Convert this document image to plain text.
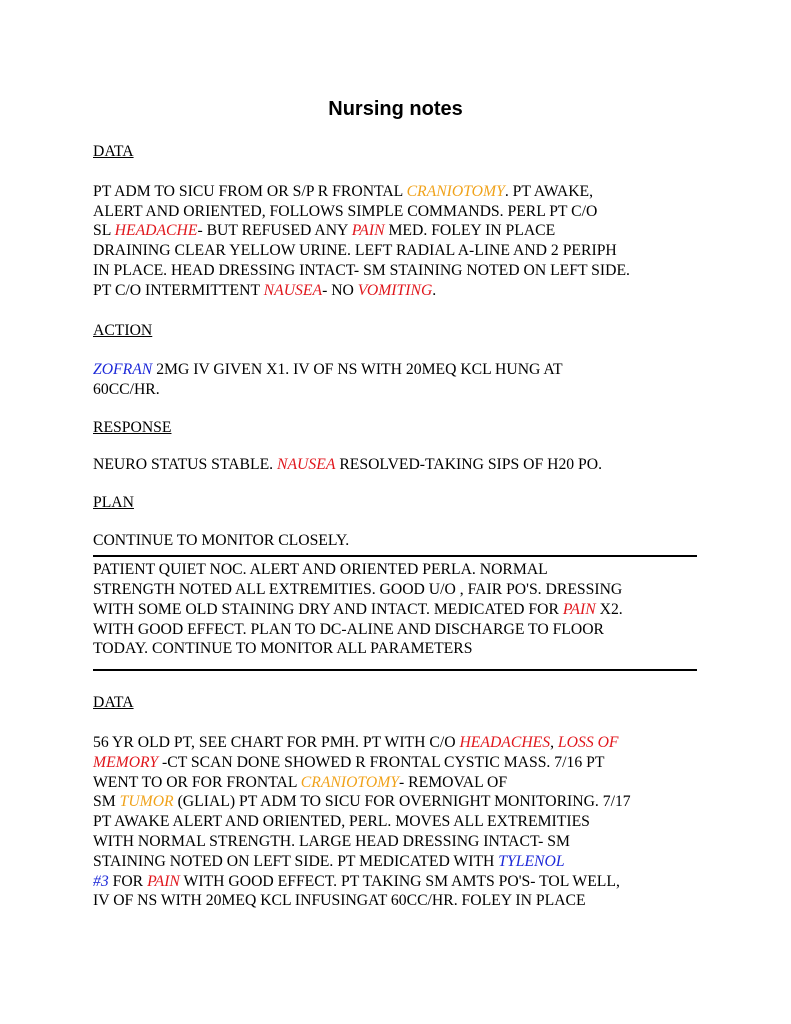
Nursing notes

DATA

PT ADM TO SICU FROM OR S/P R FRONTAL CRANIOTOMY. PT AWAKE,
ALERT AND ORIENTED, FOLLOWS SIMPLE COMMANDS. PERL PT C/O
SL HEADACHE- BUT REFUSED ANY PAIN MED. FOLEY IN PLACE
DRAINING CLEAR YELLOW URINE. LEFT RADIAL A-LINE AND 2 PERIPH
IN PLACE. HEAD DRESSING INTACT- SM STAINING NOTED ON LEFT SIDE.
PT C/O INTERMITTENT NAUSEA- NO VOMITING.

ACTION

ZOFRAN 2MG IV GIVEN X1. IV OF NS WITH 20MEQ KCL HUNG AT
60CC/HR.

RESPONSE

NEURO STATUS STABLE. NAUSEA RESOLVED-TAKING SIPS OF H20 PO.

PLAN

CONTINUE TO MONITOR CLOSELY.
PATIENT QUIET NOC. ALERT AND ORIENTED PERLA. NORMAL
STRENGTH NOTED ALL EXTREMITIES. GOOD U/O , FAIR PO'S. DRESSING
WITH SOME OLD STAINING DRY AND INTACT. MEDICATED FOR PAIN X2.
WITH GOOD EFFECT. PLAN TO DC-ALINE AND DISCHARGE TO FLOOR
TODAY. CONTINUE TO MONITOR ALL PARAMETERS

DATA

56 YR OLD PT, SEE CHART FOR PMH. PT WITH C/O HEADACHES, LOSS OF
MEMORY -CT SCAN DONE SHOWED R FRONTAL CYSTIC MASS. 7/16 PT
WENT TO OR FOR FRONTAL CRANIOTOMY- REMOVAL OF
SM TUMOR (GLIAL) PT ADM TO SICU FOR OVERNIGHT MONITORING. 7/17
PT AWAKE ALERT AND ORIENTED, PERL. MOVES ALL EXTREMITIES
WITH NORMAL STRENGTH. LARGE HEAD DRESSING INTACT- SM
STAINING NOTED ON LEFT SIDE. PT MEDICATED WITH TYLENOL
#3 FOR PAIN WITH GOOD EFFECT. PT TAKING SM AMTS PO'S- TOL WELL,
IV OF NS WITH 20MEQ KCL INFUSINGAT 60CC/HR. FOLEY IN PLACE
